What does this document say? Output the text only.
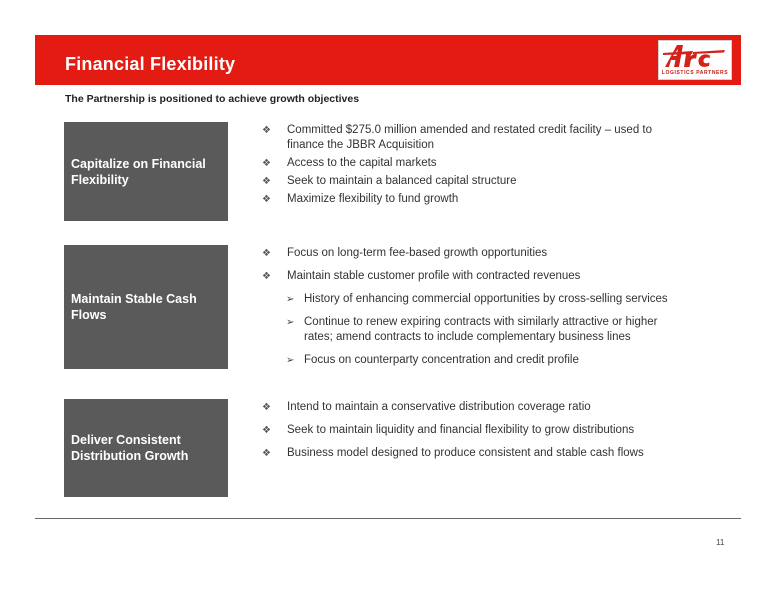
Financial Flexibility	LOGISTICS PARTNERS
The Partnership is positioned to achieve growth objectives
Capitalize on Financial Flexibility
❖ Committed $275.0 million amended and restated credit facility – used to finance the JBBR Acquisition
❖ Access to the capital markets
❖ Seek to maintain a balanced capital structure
❖ Maximize flexibility to fund growth
Maintain Stable Cash Flows
❖ Focus on long-term fee-based growth opportunities
❖ Maintain stable customer profile with contracted revenues
➢ History of enhancing commercial opportunities by cross-selling services
➢ Continue to renew expiring contracts with similarly attractive or higher rates; amend contracts to include complementary business lines
➢ Focus on counterparty concentration and credit profile
Deliver Consistent Distribution Growth
❖ Intend to maintain a conservative distribution coverage ratio
❖ Seek to maintain liquidity and financial flexibility to grow distributions
❖ Business model designed to produce consistent and stable cash flows
11
